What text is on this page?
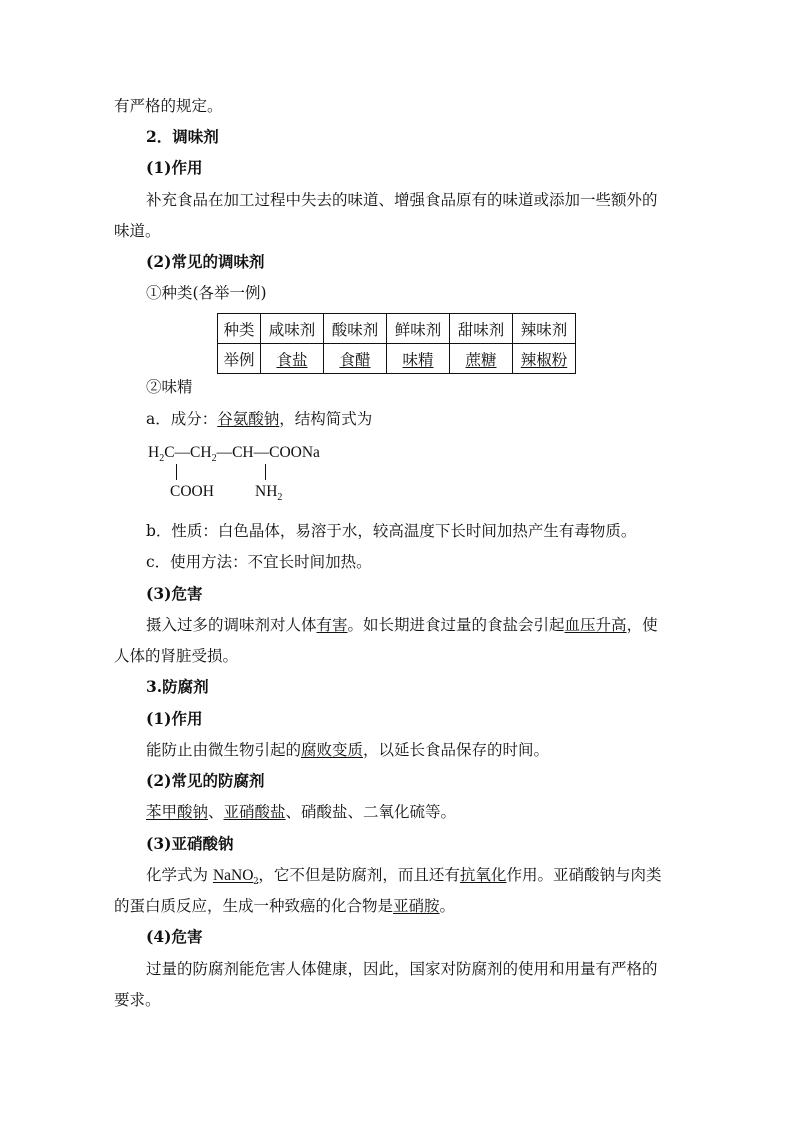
有严格的规定。
2．调味剂
(1)作用
补充食品在加工过程中失去的味道、增强食品原有的味道或添加一些额外的
味道。
(2)常见的调味剂
①种类(各举一例)
种类	咸味剂	酸味剂	鲜味剂	甜味剂	辣味剂
举例	食盐	食醋	味精	蔗糖	辣椒粉
②味精
a．成分：谷氨酸钠，结构简式为
$H_2C—CH_2—CH—COONa$
COOH	$NH_2$
b．性质：白色晶体，易溶于水，较高温度下长时间加热产生有毒物质。
c．使用方法：不宜长时间加热。
(3)危害
摄入过多的调味剂对人体有害。如长期进食过量的食盐会引起血压升高，使
人体的肾脏受损。
3.防腐剂
(1)作用
能防止由微生物引起的腐败变质，以延长食品保存的时间。
(2)常见的防腐剂
苯甲酸钠、亚硝酸盐、硝酸盐、二氧化硫等。
(3)亚硝酸钠
化学式为 NaNO$_2$，它不但是防腐剂，而且还有抗氧化作用。亚硝酸钠与肉类
的蛋白质反应，生成一种致癌的化合物是亚硝胺。
(4)危害
过量的防腐剂能危害人体健康，因此，国家对防腐剂的使用和用量有严格的
要求。
